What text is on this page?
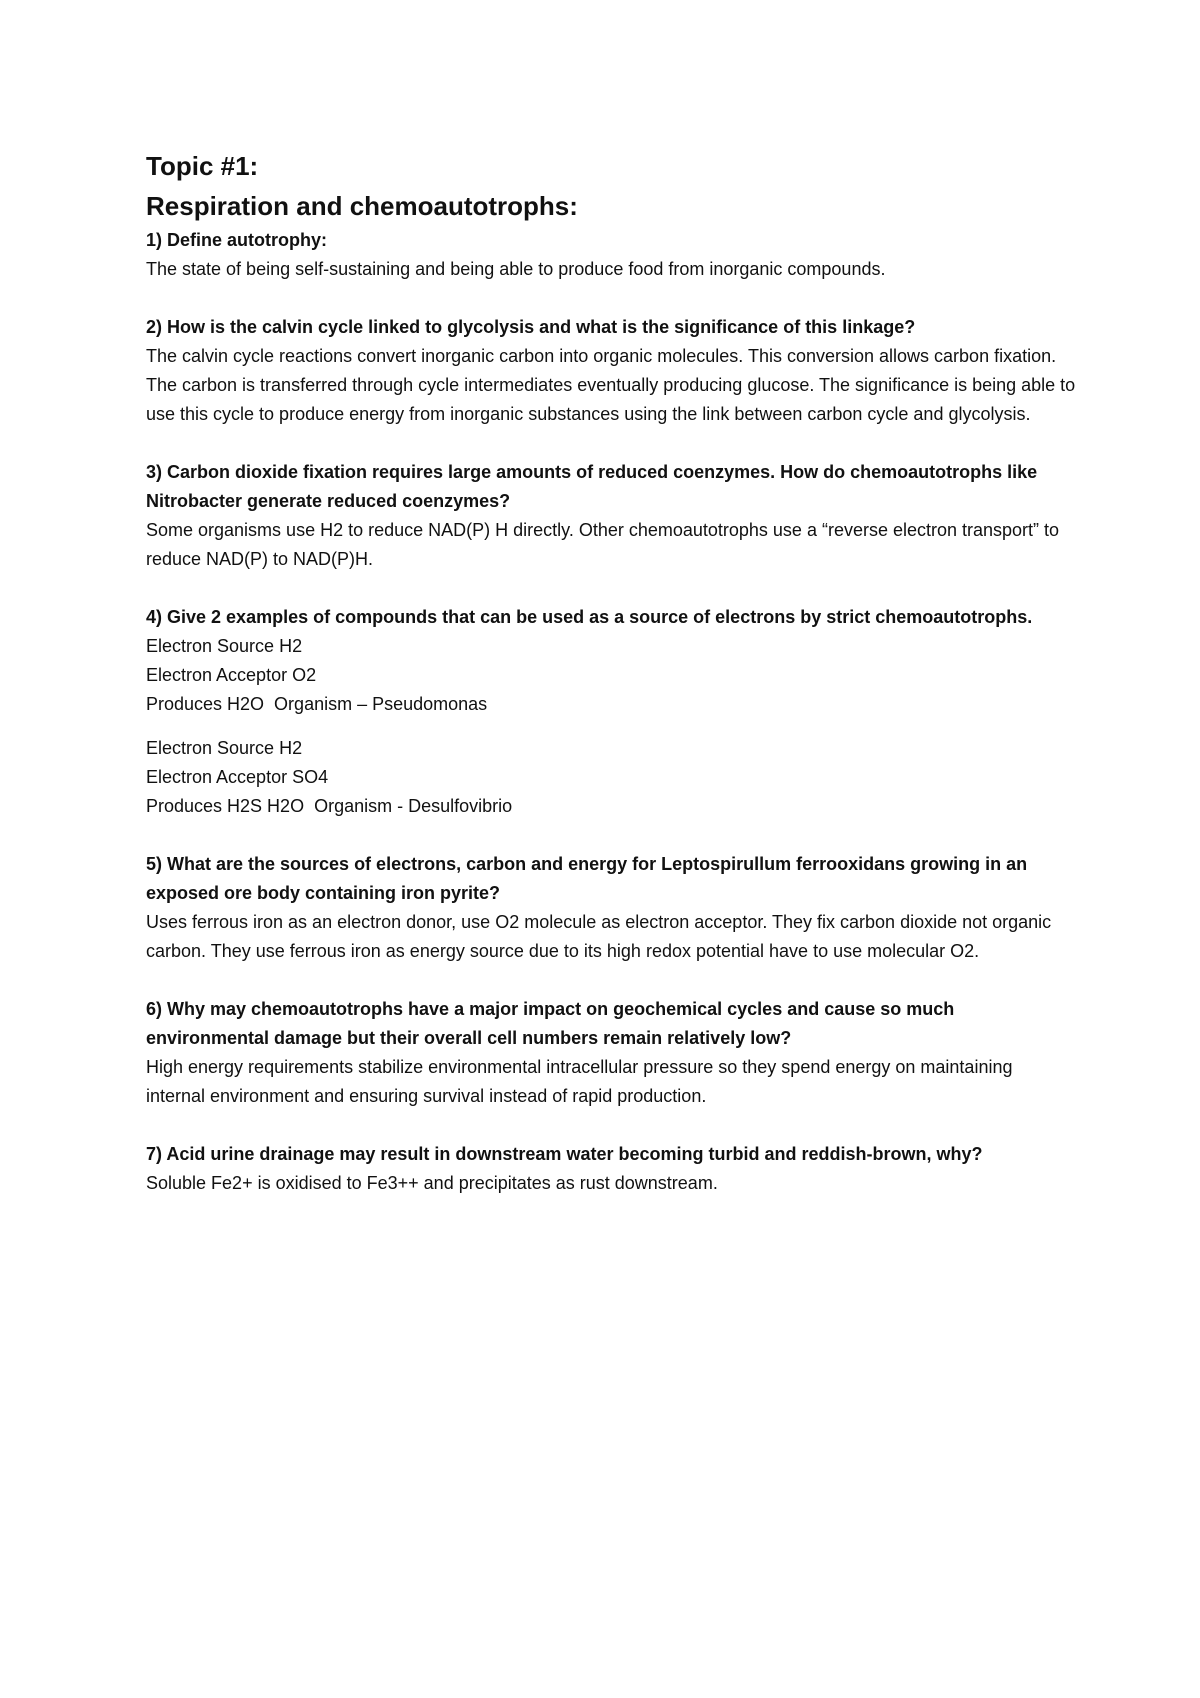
Topic #1:
Respiration and chemoautotrophs:

1) Define autotrophy:

The state of being self-sustaining and being able to produce food from inorganic compounds.

2) How is the calvin cycle linked to glycolysis and what is the significance of this linkage?

The calvin cycle reactions convert inorganic carbon into organic molecules. This conversion allows carbon fixation. The carbon is transferred through cycle intermediates eventually producing glucose. The significance is being able to use this cycle to produce energy from inorganic substances using the link between carbon cycle and glycolysis.

3) Carbon dioxide fixation requires large amounts of reduced coenzymes. How do chemoautotrophs like Nitrobacter generate reduced coenzymes?

Some organisms use H2 to reduce NAD(P) H directly. Other chemoautotrophs use a “reverse electron transport” to reduce NAD(P) to NAD(P)H.

4) Give 2 examples of compounds that can be used as a source of electrons by strict chemoautotrophs.

Electron Source H2

Electron Acceptor O2

Produces H2O  Organism – Pseudomonas

Electron Source H2

Electron Acceptor SO4

Produces H2S H2O  Organism - Desulfovibrio

5) What are the sources of electrons, carbon and energy for Leptospirullum ferrooxidans growing in an exposed ore body containing iron pyrite?

Uses ferrous iron as an electron donor, use O2 molecule as electron acceptor. They fix carbon dioxide not organic carbon. They use ferrous iron as energy source due to its high redox potential have to use molecular O2.

6) Why may chemoautotrophs have a major impact on geochemical cycles and cause so much environmental damage but their overall cell numbers remain relatively low?

High energy requirements stabilize environmental intracellular pressure so they spend energy on maintaining internal environment and ensuring survival instead of rapid production.

7) Acid urine drainage may result in downstream water becoming turbid and reddish-brown, why?

Soluble Fe2+ is oxidised to Fe3++ and precipitates as rust downstream.
